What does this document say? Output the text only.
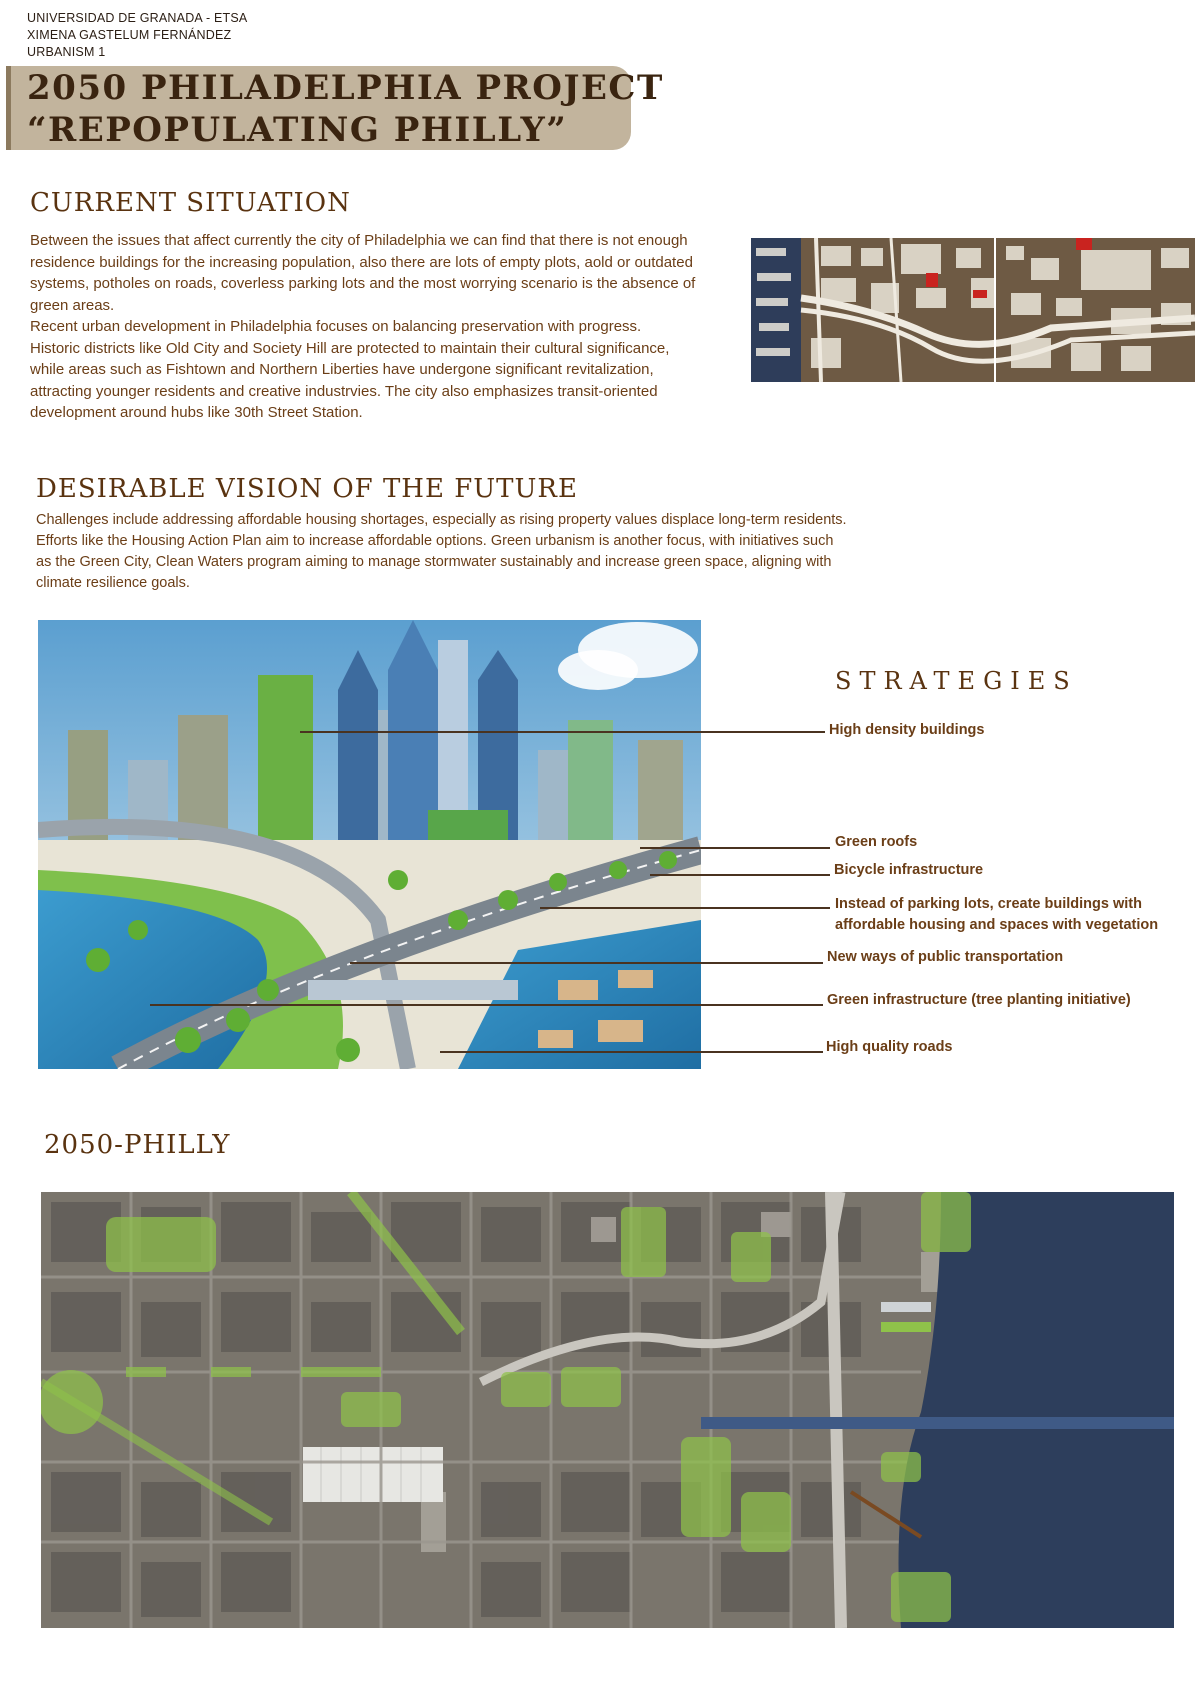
UNIVERSIDAD DE GRANADA - ETSA
XIMENA GASTELUM FERNÁNDEZ
URBANISM 1
2050 PHILADELPHIA PROJECT
“REPOPULATING PHILLY”
CURRENT SITUATION
Between the issues that affect currently the city of Philadelphia we can find that there is not enough
residence buildings for the increasing population, also there are lots of empty plots, aold or outdated
systems, potholes on roads, coverless parking lots and the most worrying scenario is the absence of
green areas.
Recent urban development in Philadelphia focuses on balancing preservation with progress.
Historic districts like Old City and Society Hill are protected to maintain their cultural significance,
while areas such as Fishtown and Northern Liberties have undergone significant revitalization,
attracting younger residents and creative industrvies. The city also emphasizes transit-oriented
development around hubs like 30th Street Station.
DESIRABLE VISION OF THE FUTURE
Challenges include addressing affordable housing shortages, especially as rising property values displace long-term residents.
Efforts like the Housing Action Plan aim to increase affordable options. Green urbanism is another focus, with initiatives such
as the Green City, Clean Waters program aiming to manage stormwater sustainably and increase green space, aligning with
climate resilience goals.
STRATEGIES
High density buildings
Green roofs
Bicycle infrastructure
Instead of parking lots, create buildings with
affordable housing and spaces with vegetation
New ways of public transportation
Green infrastructure (tree planting initiative)
High quality roads
2050-PHILLY
